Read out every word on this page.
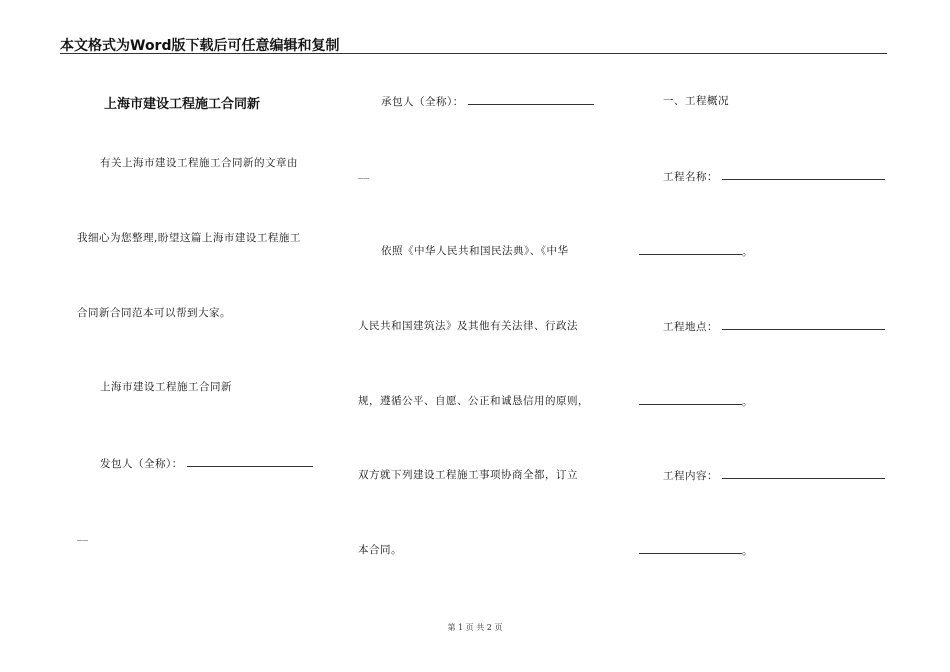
本文格式为Word版下载后可任意编辑和复制
上海市建设工程施工合同新
有关上海市建设工程施工合同新的文章由
我细心为您整理,盼望这篇上海市建设工程施工
合同新合同范本可以帮到大家。
上海市建设工程施工合同新
发包人（全称）：
__
承包人（全称）：
__
依照《中华人民共和国民法典》、《中华
人民共和国建筑法》及其他有关法律、行政法
规，遵循公平、自愿、公正和诚恳信用的原则，
双方就下列建设工程施工事项协商全都，订立
本合同。
一、工程概况
工程名称：
。
工程地点：
。
工程内容：
。
第 1 页 共 2 页
